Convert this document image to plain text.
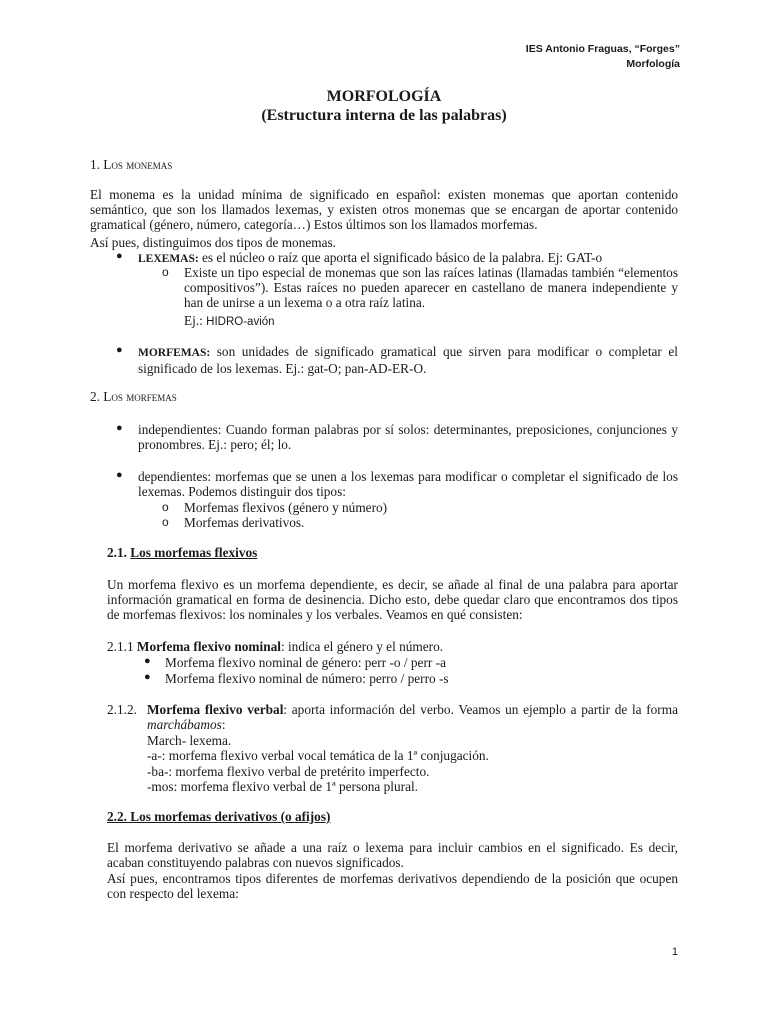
IES Antonio Fraguas, “Forges”
Morfología
MORFOLOGÍA
(Estructura interna de las palabras)
1. Los monemas
El monema es la unidad mínima de significado en español: existen monemas que aportan contenido semántico, que son los llamados lexemas, y existen otros monemas que se encargan de aportar contenido gramatical (género, número, categoría…) Estos últimos son los llamados morfemas.
Así pues, distinguimos dos tipos de monemas.
● LEXEMAS: es el núcleo o raíz que aporta el significado básico de la palabra. Ej: GAT-o
o Existe un tipo especial de monemas que son las raíces latinas (llamadas también “elementos compositivos”). Estas raíces no pueden aparecer en castellano de manera independiente y han de unirse a un lexema o a otra raíz latina.
Ej.: HIDRO-avión
● MORFEMAS: son unidades de significado gramatical que sirven para modificar o completar el significado de los lexemas. Ej.: gat-O; pan-AD-ER-O.
2. Los morfemas
● independientes: Cuando forman palabras por sí solos: determinantes, preposiciones, conjunciones y pronombres. Ej.: pero; él; lo.
● dependientes: morfemas que se unen a los lexemas para modificar o completar el significado de los lexemas. Podemos distinguir dos tipos:
o Morfemas flexivos (género y número)
o Morfemas derivativos.
2.1. Los morfemas flexivos
Un morfema flexivo es un morfema dependiente, es decir, se añade al final de una palabra para aportar información gramatical en forma de desinencia. Dicho esto, debe quedar claro que encontramos dos tipos de morfemas flexivos: los nominales y los verbales. Veamos en qué consisten:
2.1.1 Morfema flexivo nominal: indica el género y el número.
● Morfema flexivo nominal de género: perr -o / perr -a
● Morfema flexivo nominal de número: perro / perro -s
2.1.2. Morfema flexivo verbal: aporta información del verbo. Veamos un ejemplo a partir de la forma marchábamos:
March- lexema.
-a-: morfema flexivo verbal vocal temática de la 1ª conjugación.
-ba-: morfema flexivo verbal de pretérito imperfecto.
-mos: morfema flexivo verbal de 1ª persona plural.
2.2. Los morfemas derivativos (o afijos)
El morfema derivativo se añade a una raíz o lexema para incluir cambios en el significado. Es decir, acaban constituyendo palabras con nuevos significados.
Así pues, encontramos tipos diferentes de morfemas derivativos dependiendo de la posición que ocupen con respecto del lexema:
1
